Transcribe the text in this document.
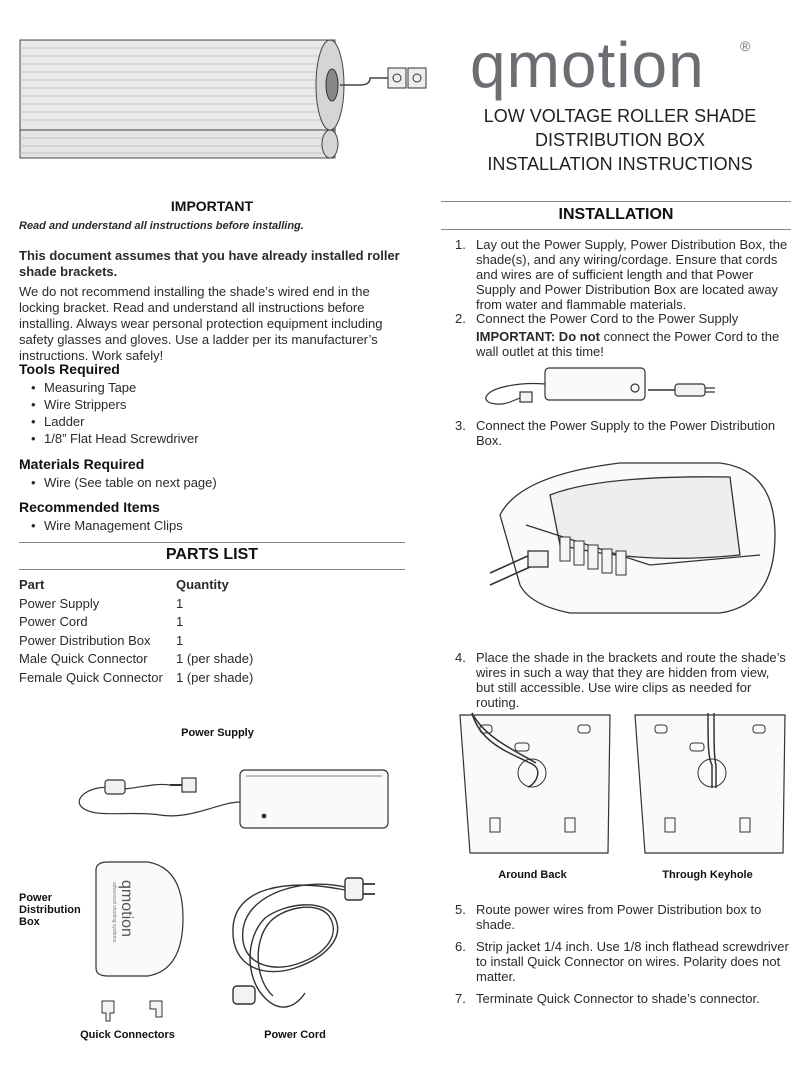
qmotion	®
LOW VOLTAGE ROLLER SHADE
DISTRIBUTION BOX
INSTALLATION INSTRUCTIONS
IMPORTANT

Read and understand all instructions before installing.

This document assumes that you have already installed roller shade brackets.

We do not recommend installing the shade’s wired end in the locking bracket. Read and understand all instructions before installing. Always wear personal protection equipment including safety glasses and gloves. Use a ladder per its manufacturer’s instructions. Work safely!

Tools Required
• Measuring Tape
• Wire Strippers
• Ladder
• 1/8” Flat Head Screwdriver
Materials Required
• Wire (See table on next page)
Recommended Items
• Wire Management Clips
PARTS LIST
Part	Quantity
Power Supply	1
Power Cord	1
Power Distribution Box	1
Male Quick Connector	1 (per shade)
Female Quick Connector	1 (per shade)
Power Supply
Power
Distribution
Box	qmotion
advanced shading systems
Quick Connectors	Power Cord
INSTALLATION
1. Lay out the Power Supply, Power Distribution Box, the shade(s), and any wiring/cordage. Ensure that cords and wires are of sufficient length and that Power Supply and Power Distribution Box are located away from water and flammable materials.
2. Connect the Power Cord to the Power Supply
IMPORTANT: Do not connect the Power Cord to the wall outlet at this time!
3. Connect the Power Supply to the Power Distribution Box.
4. Place the shade in the brackets and route the shade’s wires in such a way that they are hidden from view, but still accessible. Use wire clips as needed for routing.
5. Route power wires from Power Distribution box to shade.
6. Strip jacket 1/4 inch. Use 1/8 inch flathead screwdriver to install Quick Connector on wires. Polarity does not matter.
7. Terminate Quick Connector to shade’s connector.
Around Back	Through Keyhole
